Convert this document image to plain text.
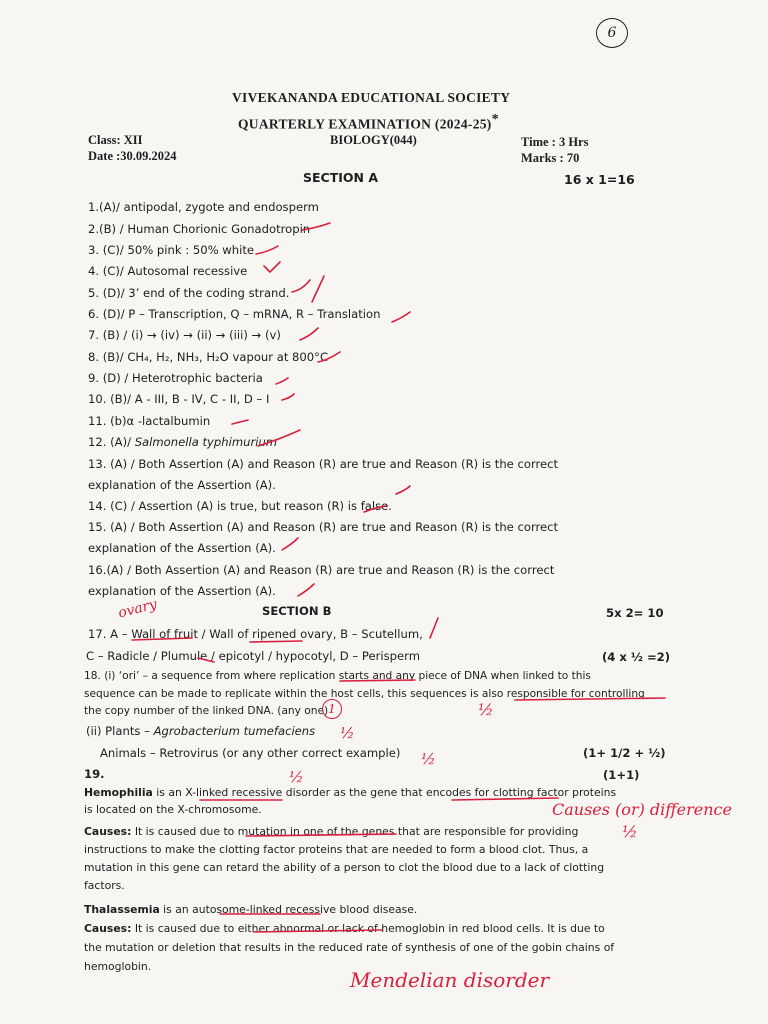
6
VIVEKANANDA EDUCATIONAL SOCIETY
QUARTERLY EXAMINATION (2024-25)*
Class: XII	BIOLOGY(044)	Time : 3 Hrs
Date :30.09.2024	Marks : 70
SECTION A	16 x 1=16
1.(A)/ antipodal, zygote and endosperm
2.(B) / Human Chorionic Gonadotropin
3. (C)/ 50% pink : 50% white
4. (C)/ Autosomal recessive
5. (D)/ 3’ end of the coding strand.
6. (D)/ P – Transcription, Q – mRNA, R – Translation
7. (B) / (i) → (iv) → (ii) → (iii) → (v)
8. (B)/ CH₄, H₂, NH₃, H₂O vapour at 800°C
9. (D) / Heterotrophic bacteria
10. (B)/ A - III, B - IV, C - II, D – I
11. (b)α -lactalbumin
12. (A)/ Salmonella typhimurium
13. (A) / Both Assertion (A) and Reason (R) are true and Reason (R) is the correct
explanation of the Assertion (A).
14. (C) / Assertion (A) is true, but reason (R) is false.
15. (A) / Both Assertion (A) and Reason (R) are true and Reason (R) is the correct
explanation of the Assertion (A).
16.(A) / Both Assertion (A) and Reason (R) are true and Reason (R) is the correct
explanation of the Assertion (A).
SECTION B	5x 2= 10
17. A – Wall of fruit / Wall of ripened ovary, B – Scutellum,
C – Radicle / Plumule / epicotyl / hypocotyl, D – Perisperm	(4 x ½ =2)
18. (i) ‘ori’ – a sequence from where replication starts and any piece of DNA when linked to this
sequence can be made to replicate within the host cells, this sequences is also responsible for controlling
the copy number of the linked DNA. (any one)
(ii) Plants – Agrobacterium tumefaciens
Animals – Retrovirus (or any other correct example)	(1+ 1/2 + ½)
19.	(1+1)
Hemophilia is an X-linked recessive disorder as the gene that encodes for clotting factor proteins
is located on the X-chromosome.
Causes: It is caused due to mutation in one of the genes that are responsible for providing
instructions to make the clotting factor proteins that are needed to form a blood clot. Thus, a
mutation in this gene can retard the ability of a person to clot the blood due to a lack of clotting
factors.
Thalassemia is an autosome-linked recessive blood disease.
Causes: It is caused due to either abnormal or lack of hemoglobin in red blood cells. It is due to
the mutation or deletion that results in the reduced rate of synthesis of one of the gobin chains of
hemoglobin.
ovary
½
½
½
½
½
1
Causes (or) difference
Mendelian disorder
